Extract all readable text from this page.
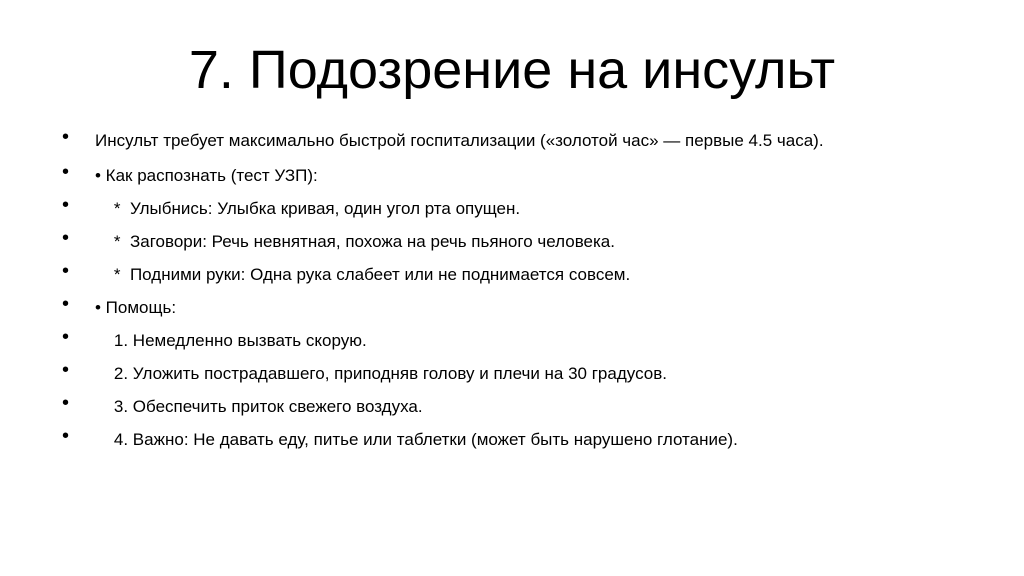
7. Подозрение на инсульт
•	Инсульт требует максимально быстрой госпитализации («золотой час» — первые 4.5 часа).
•	• Как распознать (тест УЗП):
•	*  Улыбнись: Улыбка кривая, один угол рта опущен.
•	*  Заговори: Речь невнятная, похожа на речь пьяного человека.
•	*  Подними руки: Одна рука слабеет или не поднимается совсем.
•	• Помощь:
•	1. Немедленно вызвать скорую.
•	2. Уложить пострадавшего, приподняв голову и плечи на 30 градусов.
•	3. Обеспечить приток свежего воздуха.
•	4. Важно: Не давать еду, питье или таблетки (может быть нарушено глотание).
